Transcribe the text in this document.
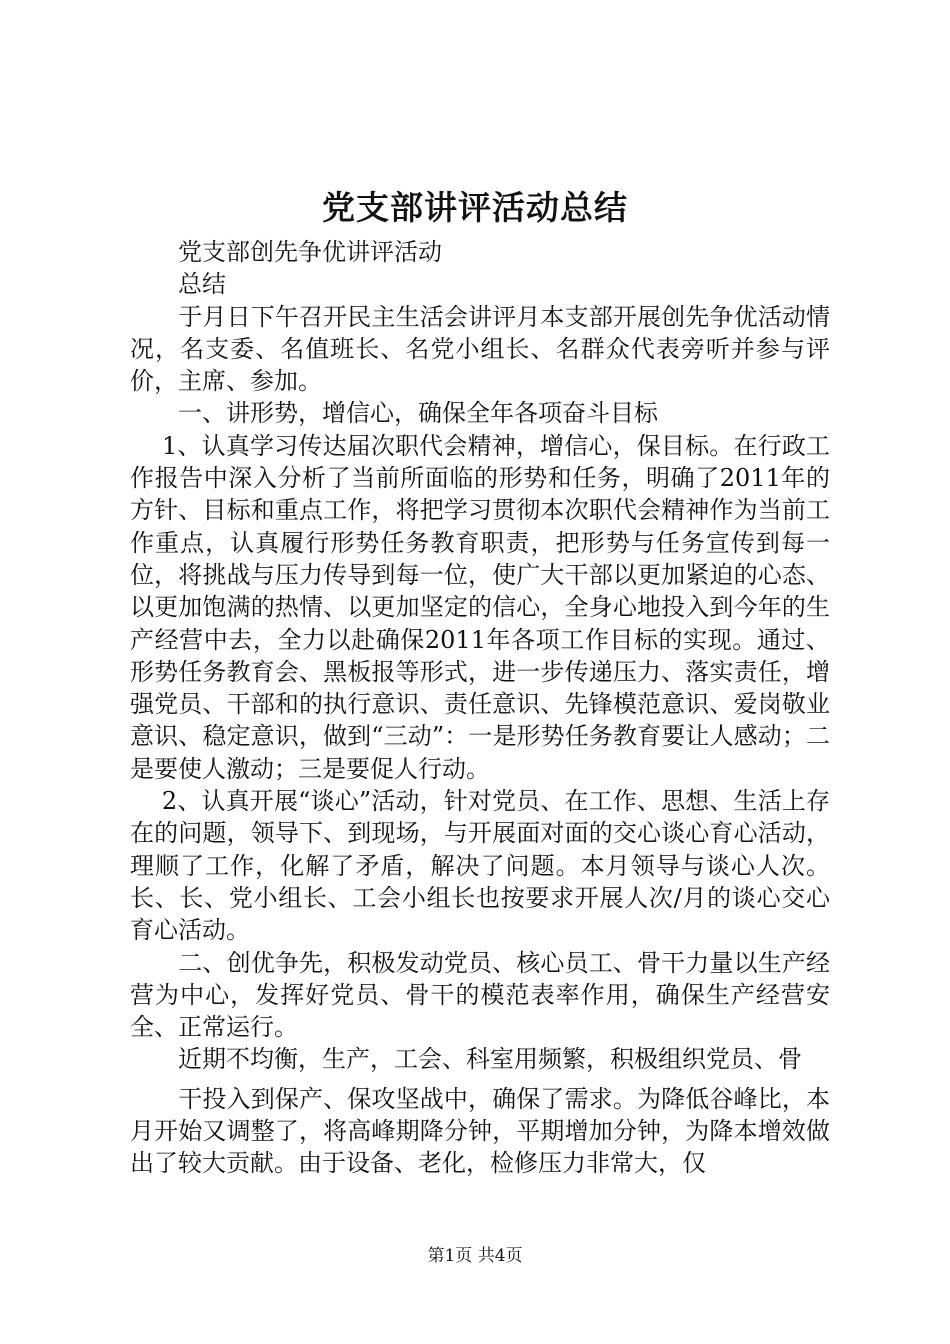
党支部讲评活动总结

　　党支部创先争优讲评活动

　　总结

　　于月日下午召开民主生活会讲评月本支部开展创先争优活动情况，名支委、名值班长、名党小组长、名群众代表旁听并参与评价，主席、参加。

　　一、讲形势，增信心，确保全年各项奋斗目标

　 1、认真学习传达届次职代会精神，增信心，保目标。在行政工作报告中深入分析了当前所面临的形势和任务，明确了2011年的方针、目标和重点工作，将把学习贯彻本次职代会精神作为当前工作重点，认真履行形势任务教育职责，把形势与任务宣传到每一位，将挑战与压力传导到每一位，使广大干部以更加紧迫的心态、以更加饱满的热情、以更加坚定的信心，全身心地投入到今年的生产经营中去，全力以赴确保2011年各项工作目标的实现。通过、形势任务教育会、黑板报等形式，进一步传递压力、落实责任，增强党员、干部和的执行意识、责任意识、先锋模范意识、爱岗敬业意识、稳定意识，做到“三动”：一是形势任务教育要让人感动；二是要使人激动；三是要促人行动。

　 2、认真开展“谈心”活动，针对党员、在工作、思想、生活上存在的问题，领导下、到现场，与开展面对面的交心谈心育心活动，理顺了工作，化解了矛盾，解决了问题。本月领导与谈心人次。长、长、党小组长、工会小组长也按要求开展人次/月的谈心交心育心活动。

　　二、创优争先，积极发动党员、核心员工、骨干力量以生产经营为中心，发挥好党员、骨干的模范表率作用，确保生产经营安全、正常运行。

　　近期不均衡，生产，工会、科室用频繁，积极组织党员、骨

　　干投入到保产、保攻坚战中，确保了需求。为降低谷峰比，本月开始又调整了，将高峰期降分钟，平期增加分钟，为降本增效做出了较大贡献。由于设备、老化，检修压力非常大，仅

第1页 共4页
